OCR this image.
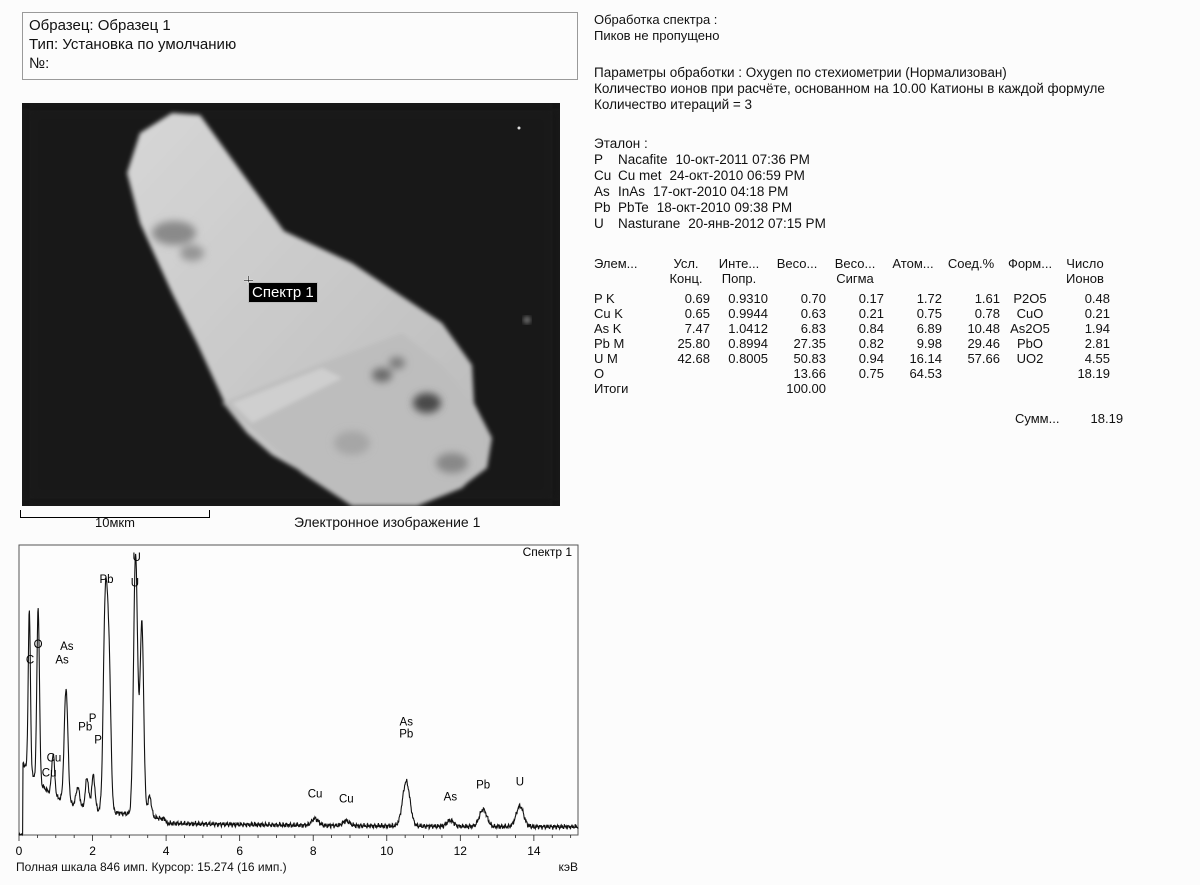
Образец: Образец 1
Тип: Установка по умолчанию
№:
Спектр 1
10мкm	Электронное изображение 1
U
Pb U
O
C
As
As
P
Pb
P
Cu
Cu
Cu Cu
As
Pb
As
Pb U
0	2	4	6	8	10	12	14
Спектр 1
Полная шкала 846 имп. Курсор: 15.274 (16 имп.)	кэВ
Обработка спектра :
Пиков не пропущено
Параметры обработки : Oxygen по стехиометрии (Нормализован)
Количество ионов при расчёте, основанном на 10.00 Катионы в каждой формуле
Количество итераций = 3
Эталон :
P Nacafite 10-окт-2011 07:36 PM
Cu Cu met 24-окт-2010 06:59 PM
As InAs 17-окт-2010 04:18 PM
Pb PbTe 18-окт-2010 09:38 PM
U Nasturane 20-янв-2012 07:15 PM
Элем...	Усл.	Инте...	Весо...	Весо...	Атом...	Соед.%	Форм...	Число
	Конц.	Попр.		Сигма				Ионов

P K	0.69	0.9310	0.70	0.17	1.72	1.61	P2O5	0.48
Cu K	0.65	0.9944	0.63	0.21	0.75	0.78	CuO	0.21
As K	7.47	1.0412	6.83	0.84	6.89	10.48	As2O5	1.94
Pb M	25.80	0.8994	27.35	0.82	9.98	29.46	PbO	2.81
U M	42.68	0.8005	50.83	0.94	16.14	57.66	UO2	4.55
O			13.66	0.75	64.53			18.19
Итоги			100.00					
Сумм... 18.19
